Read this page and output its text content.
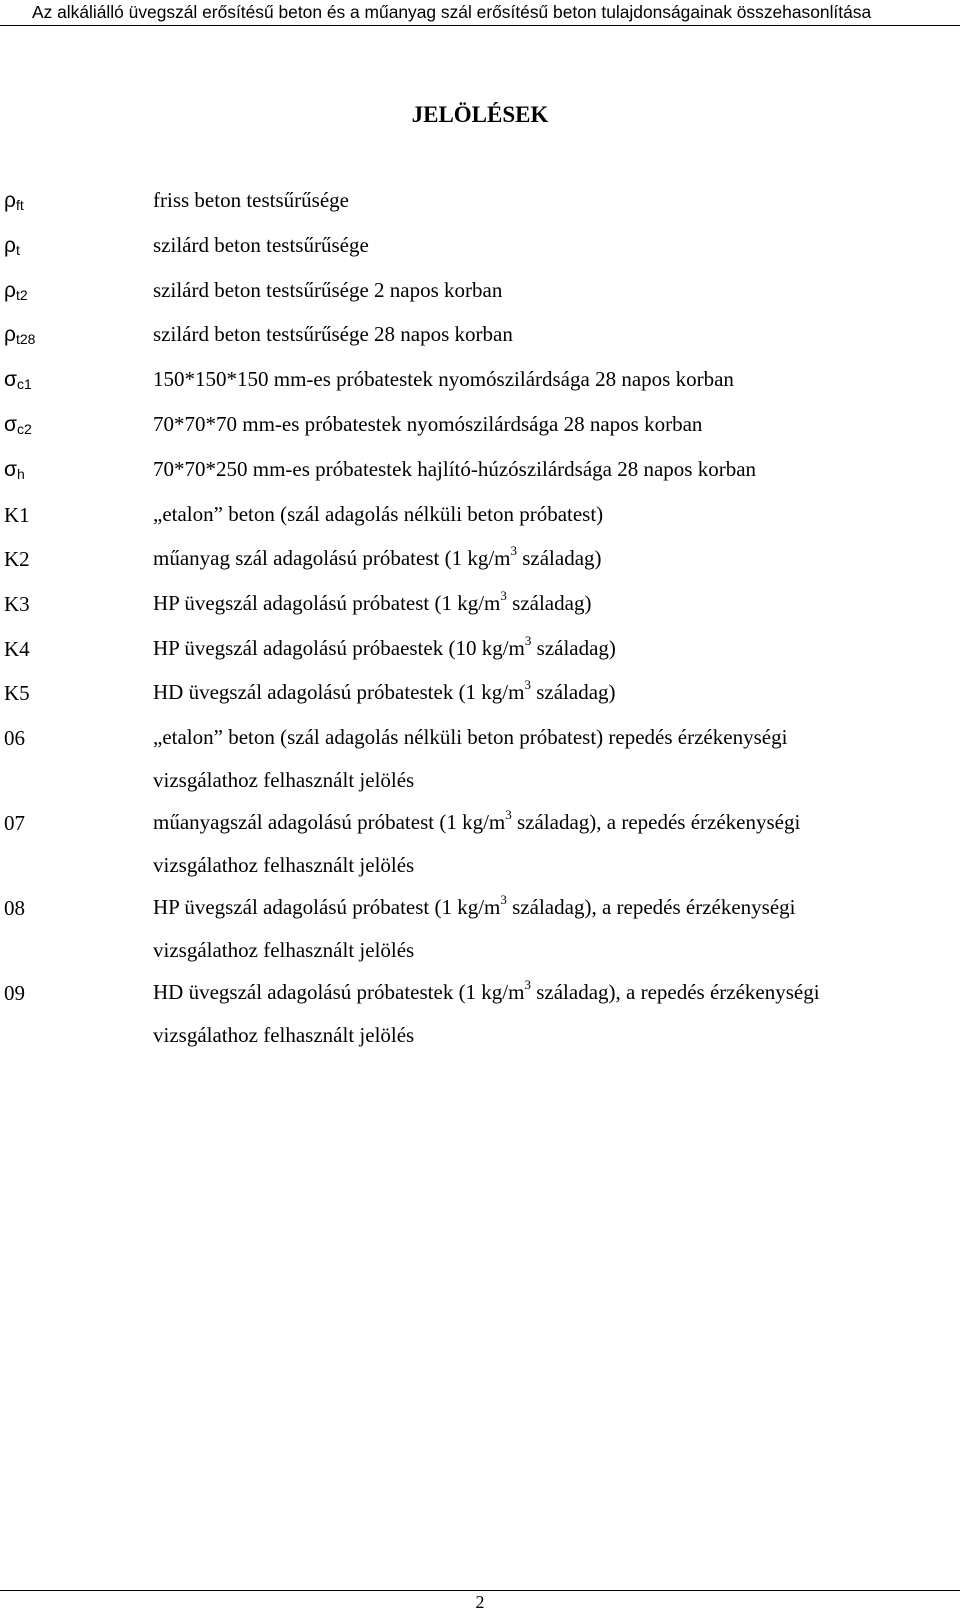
Az alkáliálló üvegszál erősítésű beton és a műanyag szál erősítésű beton tulajdonságainak összehasonlítása
JELÖLÉSEK
ρft	friss beton testsűrűsége
ρt	szilárd beton testsűrűsége
ρt2	szilárd beton testsűrűsége 2 napos korban
ρt28	szilárd beton testsűrűsége 28 napos korban
σc1	150*150*150 mm-es próbatestek nyomószilárdsága 28 napos korban
σc2	70*70*70 mm-es próbatestek nyomószilárdsága 28 napos korban
σh	70*70*250 mm-es próbatestek hajlító-húzószilárdsága 28 napos korban
K1	„etalon” beton (szál adagolás nélküli beton próbatest)
K2	műanyag szál adagolású próbatest (1 $kg/m^3$ száladag)
K3	HP üvegszál adagolású próbatest (1 $kg/m^3$ száladag)
K4	HP üvegszál adagolású próbaestek (10 $kg/m^3$ száladag)
K5	HD üvegszál adagolású próbatestek (1 $kg/m^3$ száladag)
06	„etalon” beton (szál adagolás nélküli beton próbatest) repedés érzékenységi
vizsgálathoz felhasznált jelölés
07	műanyagszál adagolású próbatest (1 $kg/m^3$ száladag), a repedés érzékenységi
vizsgálathoz felhasznált jelölés
08	HP üvegszál adagolású próbatest (1 $kg/m^3$ száladag), a repedés érzékenységi
vizsgálathoz felhasznált jelölés
09	HD üvegszál adagolású próbatestek (1 $kg/m^3$ száladag), a repedés érzékenységi
vizsgálathoz felhasznált jelölés
2
